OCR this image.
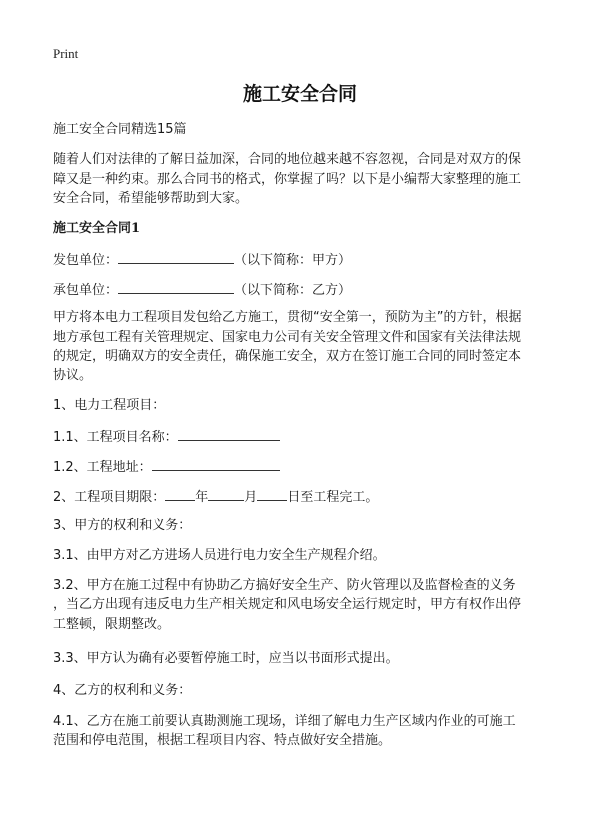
Print
施工安全合同

施工安全合同精选15篇

随着人们对法律的了解日益加深，合同的地位越来越不容忽视，合同是对双方的保

障又是一种约束。那么合同书的格式，你掌握了吗？以下是小编帮大家整理的施工

安全合同，希望能够帮助到大家。

施工安全合同1

发包单位：	（以下简称：甲方）

承包单位：	（以下简称：乙方）

甲方将本电力工程项目发包给乙方施工，贯彻“安全第一，预防为主”的方针，根据

地方承包工程有关管理规定、国家电力公司有关安全管理文件和国家有关法律法规

的规定，明确双方的安全责任，确保施工安全，双方在签订施工合同的同时签定本

协议。

1、电力工程项目：

1.1、工程项目名称：

1.2、工程地址：

2、工程项目期限： 年	月 日至工程完工。

3、甲方的权利和义务：

3.1、由甲方对乙方进场人员进行电力安全生产规程介绍。

3.2、甲方在施工过程中有协助乙方搞好安全生产、防火管理以及监督检查的义务

，当乙方出现有违反电力生产相关规定和风电场安全运行规定时，甲方有权作出停

工整顿，限期整改。

3.3、甲方认为确有必要暂停施工时，应当以书面形式提出。

4、乙方的权利和义务：

4.1、乙方在施工前要认真勘测施工现场，详细了解电力生产区域内作业的可施工

范围和停电范围，根据工程项目内容、特点做好安全措施。
